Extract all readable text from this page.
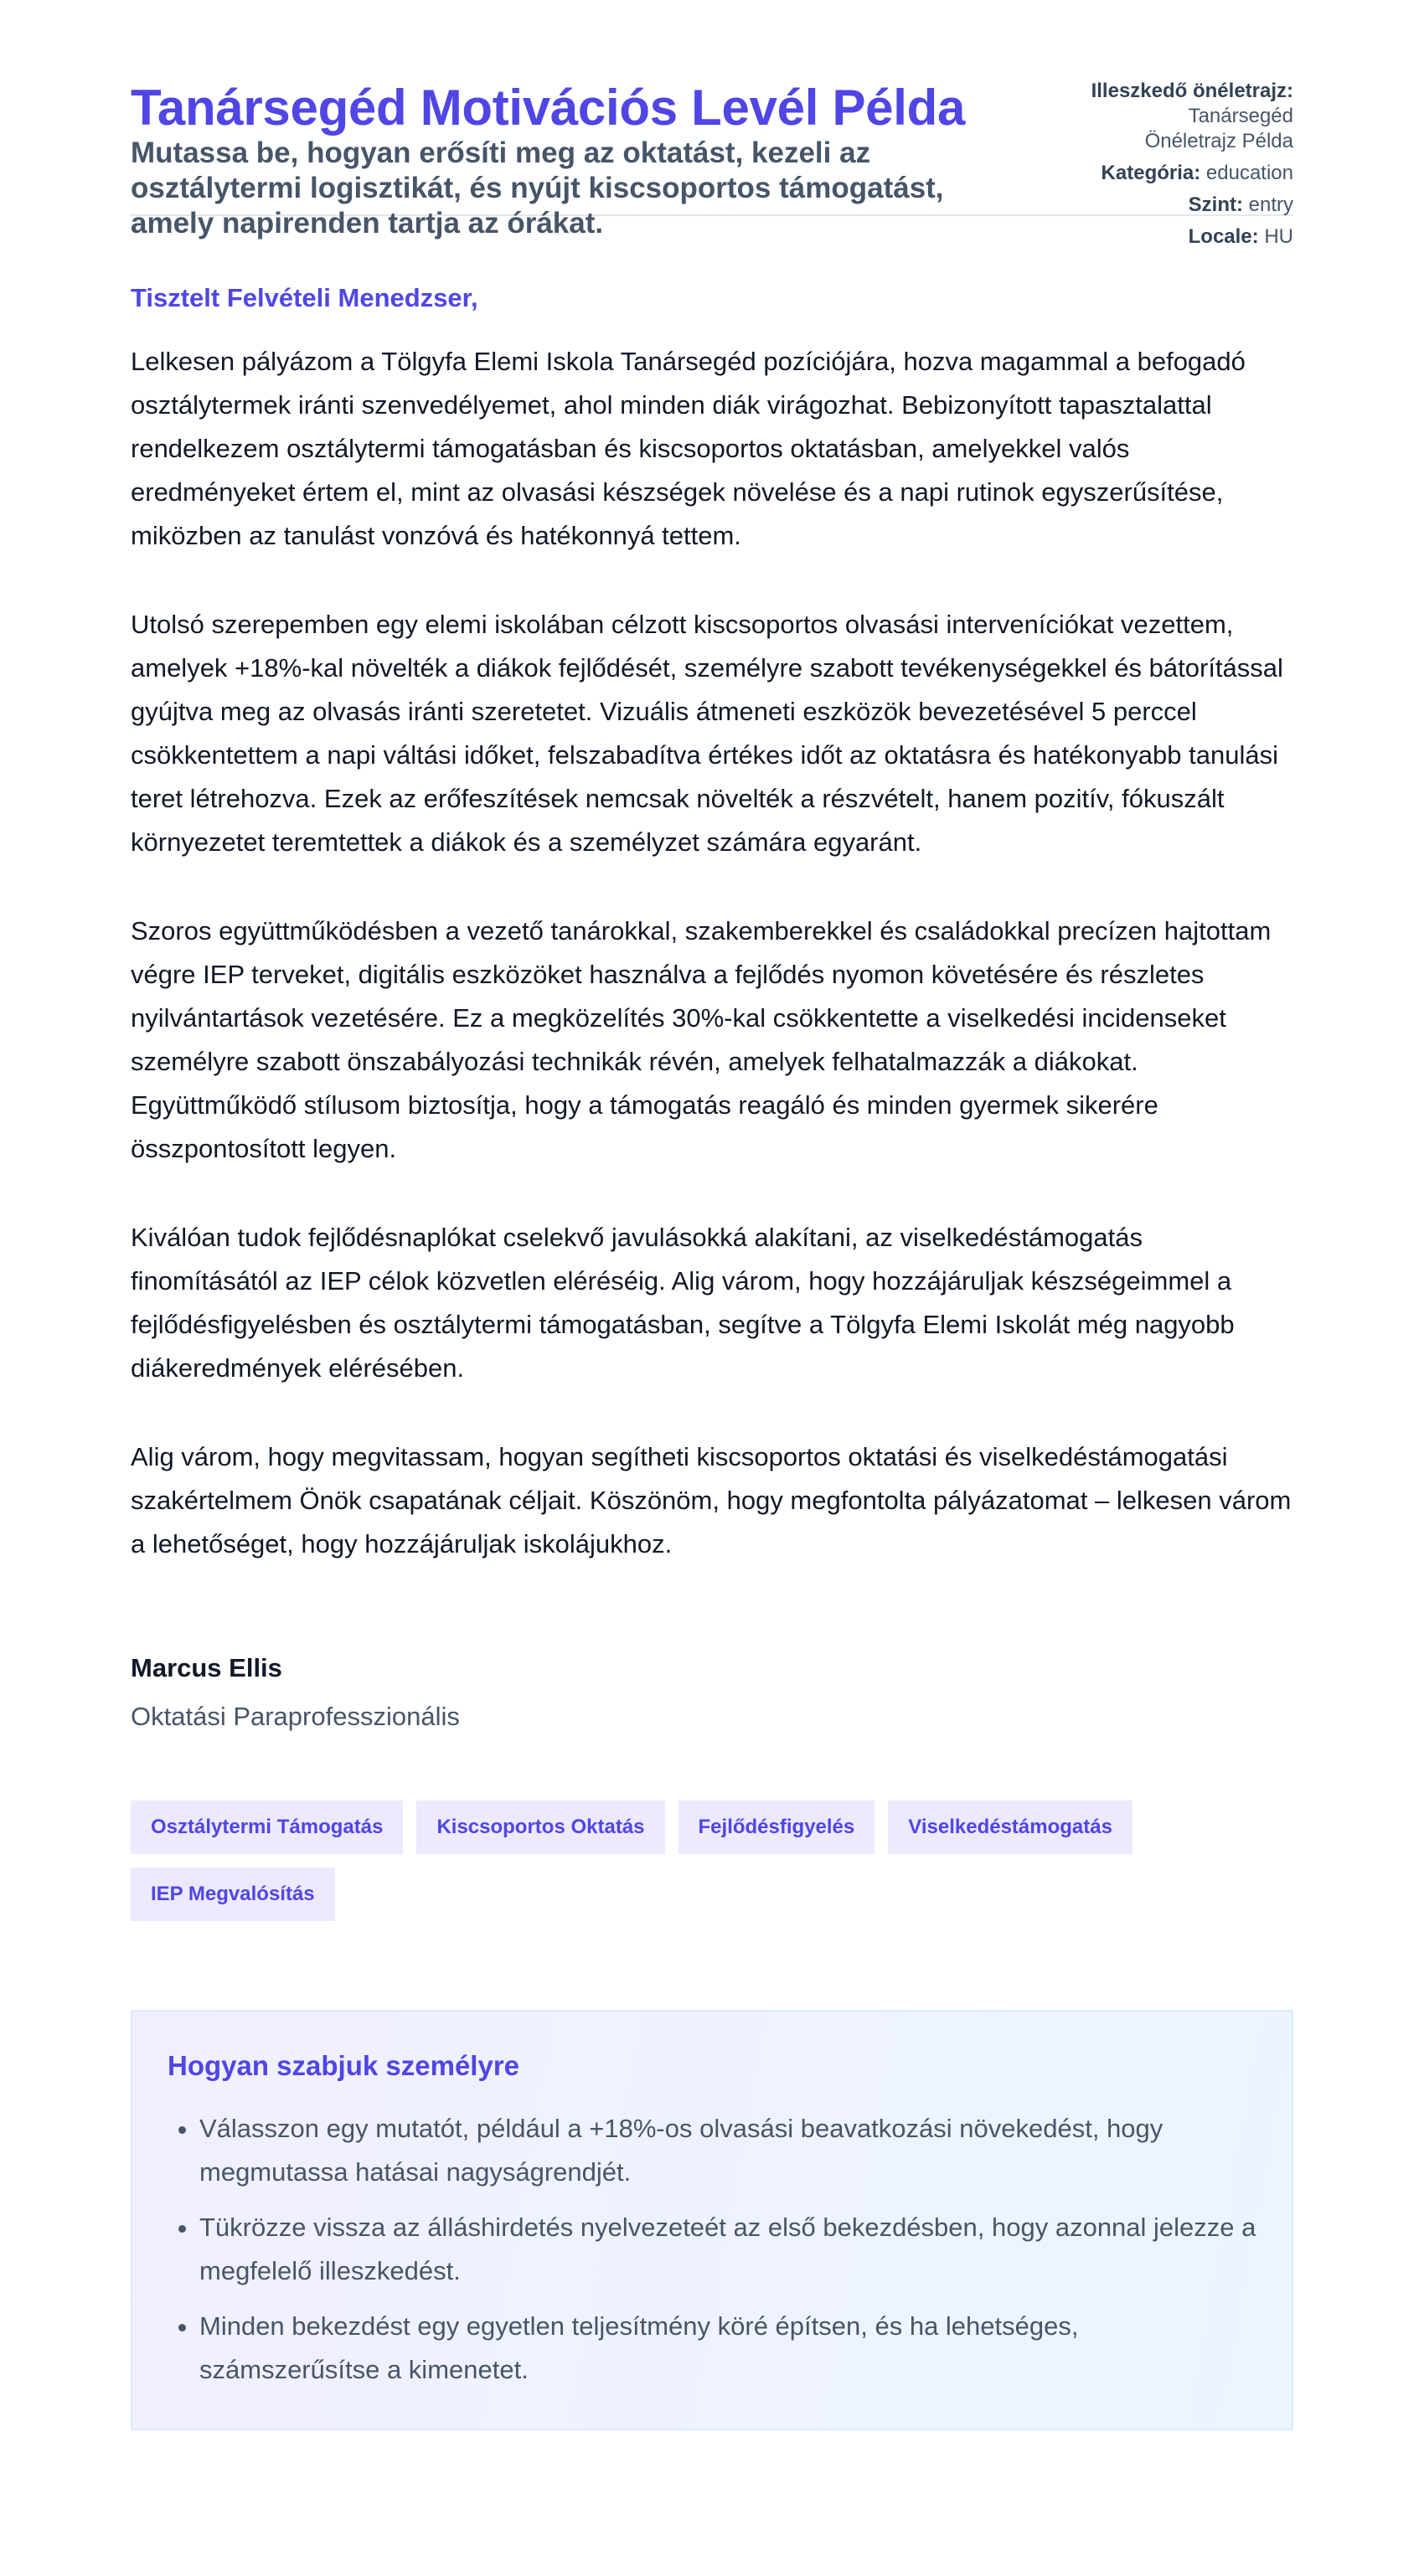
Tanársegéd Motivációs Levél Példa

Mutassa be, hogyan erősíti meg az oktatást, kezeli az osztálytermi logisztikát, és nyújt kiscsoportos támogatást, amely napirenden tartja az órákat.

Illeszkedő önéletrajz:
Tanársegéd
Önéletrajz Példa
Kategória: education
Szint: entry
Locale: HU

Tisztelt Felvételi Menedzser,

Lelkesen pályázom a Tölgyfa Elemi Iskola Tanársegéd pozíciójára, hozva magammal a befogadó osztálytermek iránti szenvedélyemet, ahol minden diák virágozhat. Bebizonyított tapasztalattal rendelkezem osztálytermi támogatásban és kiscsoportos oktatásban, amelyekkel valós eredményeket értem el, mint az olvasási készségek növelése és a napi rutinok egyszerűsítése, miközben az tanulást vonzóvá és hatékonnyá tettem.

Utolsó szerepemben egy elemi iskolában célzott kiscsoportos olvasási interveníciókat vezettem, amelyek +18%-kal növelték a diákok fejlődését, személyre szabott tevékenységekkel és bátorítással gyújtva meg az olvasás iránti szeretetet. Vizuális átmeneti eszközök bevezetésével 5 perccel csökkentettem a napi váltási időket, felszabadítva értékes időt az oktatásra és hatékonyabb tanulási teret létrehozva. Ezek az erőfeszítések nemcsak növelték a részvételt, hanem pozitív, fókuszált környezetet teremtettek a diákok és a személyzet számára egyaránt.

Szoros együttműködésben a vezető tanárokkal, szakemberekkel és családokkal precízen hajtottam végre IEP terveket, digitális eszközöket használva a fejlődés nyomon követésére és részletes nyilvántartások vezetésére. Ez a megközelítés 30%-kal csökkentette a viselkedési incidenseket személyre szabott önszabályozási technikák révén, amelyek felhatalmazzák a diákokat. Együttműködő stílusom biztosítja, hogy a támogatás reagáló és minden gyermek sikerére összpontosított legyen.

Kiválóan tudok fejlődésnaplókat cselekvő javulásokká alakítani, az viselkedéstámogatás finomításától az IEP célok közvetlen eléréséig. Alig várom, hogy hozzájáruljak készségeimmel a fejlődésfigyelésben és osztálytermi támogatásban, segítve a Tölgyfa Elemi Iskolát még nagyobb diákeredmények elérésében.

Alig várom, hogy megvitassam, hogyan segítheti kiscsoportos oktatási és viselkedéstámogatási szakértelmem Önök csapatának céljait. Köszönöm, hogy megfontolta pályázatomat – lelkesen várom a lehetőséget, hogy hozzájáruljak iskolájukhoz.

Marcus Ellis

Oktatási Paraprofesszionális

Osztálytermi Támogatás	Kiscsoportos Oktatás	Fejlődésfigyelés	Viselkedéstámogatás
IEP Megvalósítás
Hogyan szabjuk személyre
• Válasszon egy mutatót, például a +18%-os olvasási beavatkozási növekedést, hogy megmutassa hatásai nagyságrendjét.
• Tükrözze vissza az álláshirdetés nyelvezeteét az első bekezdésben, hogy azonnal jelezze a megfelelő illeszkedést.
• Minden bekezdést egy egyetlen teljesítmény köré építsen, és ha lehetséges, számszerűsítse a kimenetet.
